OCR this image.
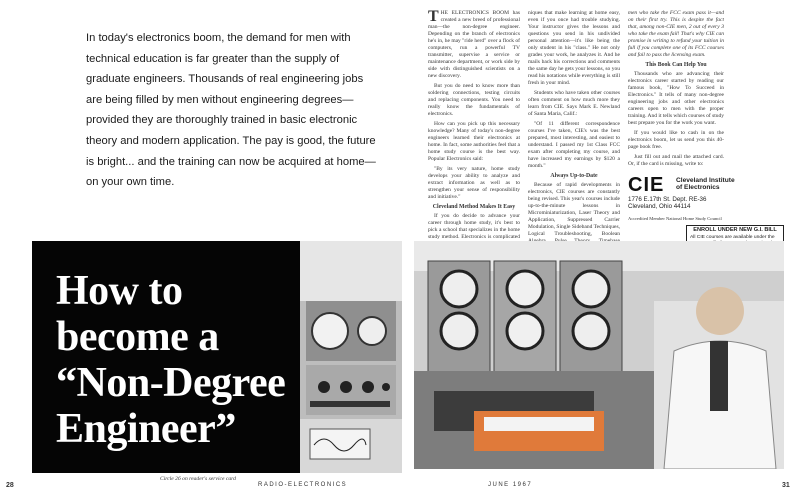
In today's electronics boom, the demand for men with technical education is far greater than the supply of graduate engineers. Thousands of real engineering jobs are being filled by men without engineering degrees—provided they are thoroughly trained in basic electronic theory and modern application. The pay is good, the future is bright... and the training can now be acquired at home—on your own time.
How to
become a
“Non-Degree
Engineer”
Circle 26 on reader's service card
28	RADIO-ELECTRONICS

THE ELECTRONICS BOOM has created a new breed of professional man—the non-degree engineer. Depending on the branch of electronics he's in, he may "ride herd" over a flock of computers, run a powerful TV transmitter, supervise a service or maintenance department, or work side by side with distinguished scientists on a new discovery.

But you do need to know more than soldering connections, testing circuits and replacing components. You need to really know the fundamentals of electronics.

How can you pick up this necessary knowledge? Many of today's non-degree engineers learned their electronics at home. In fact, some authorities feel that a home study course is the best way. Popular Electronics said:

"By its very nature, home study develops your ability to analyze and extract information as well as to strengthen your sense of responsibility and initiative."

Cleveland Method Makes It Easy

If you do decide to advance your career through home study, it's best to pick a school that specializes in the home study method. Electronics is complicated

niques that make learning at home easy, even if you once had trouble studying. Your instructor gives the lessons and questions you send in his undivided personal attention—it's like being the only student in his "class." He not only grades your work, he analyzes it. And he mails back his corrections and comments the same day he gets your lessons, so you read his notations while everything is still fresh in your mind.

Students who have taken other courses often comment on how much more they learn from CIE. Says Mark E. Newland of Santa Maria, Calif.:

"Of 11 different correspondence courses I've taken, CIE's was the best prepared, most interesting, and easiest to understand. I passed my 1st Class FCC exam after completing my course, and have increased my earnings by $120 a month."

Always Up-to-Date

Because of rapid developments in electronics, CIE courses are constantly being revised. This year's courses include up-to-the-minute lessons in Microminiaturization, Laser Theory and Application, Suppressed Carrier Modulation, Single Sideband Techniques, Logical Troubleshooting, Boolean

men who take the FCC exam pass it—and on their first try. This is despite the fact that, among non-CIE men, 2 out of every 3 who take the exam fail! That's why CIE can promise in writing to refund your tuition in full if you complete one of its FCC courses and fail to pass the licensing exam.

This Book Can Help You

Thousands who are advancing their electronics career started by reading our famous book, "How To Succeed in Electronics." It tells of many non-degree engineering jobs and other electronics careers open to men with the proper training. And it tells which courses of study best prepare you for the work you want.

If you would like to cash in on the electronics boom, let us send you this 40-page book free.

Just fill out and mail the attached card. Or, if the card is missing, write to:

CIE Cleveland Institute
of Electronics
1776 E.17th St. Dept. RE-36
Cleveland, Ohio 44114
Accredited Member National Home Study Council
ENROLL UNDER NEW G.I. BILL
All CIE courses are available under the
JUNE 1967	31
